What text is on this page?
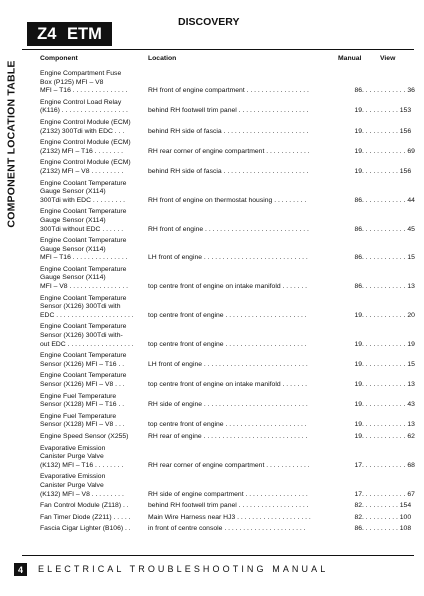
COMPONENT LOCATION TABLE
Z4 ETM
DISCOVERY
Component	Location	Manual	View
Engine Compartment Fuse
Box (P125) MFI – V8
MFI – T16 . . . . . . . . . . . . . . .	RH front of engine compartment . . . . . . . . . . . . . . . . .	86 . . . . . . . . . . . . 36
Engine Control Load Relay
(K116) . . . . . . . . . . . . . . . . . .	behind RH footwell trim panel . . . . . . . . . . . . . . . . . . .	19 . . . . . . . . . . 153
Engine Control Module (ECM)
(Z132) 300Tdi with EDC . . .	behind RH side of fascia . . . . . . . . . . . . . . . . . . . . . . .	19 . . . . . . . . . . 156
Engine Control Module (ECM)
(Z132) MFI – T16 . . . . . . . .	RH rear corner of engine compartment . . . . . . . . . . . .	19 . . . . . . . . . . . . 69
Engine Control Module (ECM)
(Z132) MFI – V8 . . . . . . . . .	behind RH side of fascia . . . . . . . . . . . . . . . . . . . . . . .	19 . . . . . . . . . . 156
Engine Coolant Temperature
Gauge Sensor (X114)
300Tdi with EDC . . . . . . . . .	RH front of engine on thermostat housing . . . . . . . . .	86 . . . . . . . . . . . . 44
Engine Coolant Temperature
Gauge Sensor (X114)
300Tdi without EDC . . . . . .	RH front of engine . . . . . . . . . . . . . . . . . . . . . . . . . . . .	86 . . . . . . . . . . . . 45
Engine Coolant Temperature
Gauge Sensor (X114)
MFI – T16 . . . . . . . . . . . . . . .	LH front of engine . . . . . . . . . . . . . . . . . . . . . . . . . . . .	86 . . . . . . . . . . . . 15
Engine Coolant Temperature
Gauge Sensor (X114)
MFI – V8 . . . . . . . . . . . . . . . .	top centre front of engine on intake manifold . . . . . . .	86 . . . . . . . . . . . . 13
Engine Coolant Temperature
Sensor (X126) 300Tdi with
EDC . . . . . . . . . . . . . . . . . . . . .	top centre front of engine . . . . . . . . . . . . . . . . . . . . . .	19 . . . . . . . . . . . . 20
Engine Coolant Temperature
Sensor (X126) 300Tdi with-
out EDC . . . . . . . . . . . . . . . . . .	top centre front of engine . . . . . . . . . . . . . . . . . . . . . .	19 . . . . . . . . . . . . 19
Engine Coolant Temperature
Sensor (X126) MFI – T16 . .	LH front of engine . . . . . . . . . . . . . . . . . . . . . . . . . . . .	19 . . . . . . . . . . . . 15
Engine Coolant Temperature
Sensor (X126) MFI – V8 . . .	top centre front of engine on intake manifold . . . . . . .	19 . . . . . . . . . . . . 13
Engine Fuel Temperature
Sensor (X128) MFI – T16 . .	RH side of engine . . . . . . . . . . . . . . . . . . . . . . . . . . . .	19 . . . . . . . . . . . . 43
Engine Fuel Temperature
Sensor (X128) MFI – V8 . . .	top centre front of engine . . . . . . . . . . . . . . . . . . . . . .	19 . . . . . . . . . . . . 13
Engine Speed Sensor (X255)	RH rear of engine . . . . . . . . . . . . . . . . . . . . . . . . . . . .	19 . . . . . . . . . . . . 62
Evaporative Emission
Canister Purge Valve
(K132) MFI – T16 . . . . . . . .	RH rear corner of engine compartment . . . . . . . . . . . .	17 . . . . . . . . . . . . 68
Evaporative Emission
Canister Purge Valve
(K132) MFI – V8 . . . . . . . . .	RH side of engine compartment . . . . . . . . . . . . . . . . .	17 . . . . . . . . . . . . 67
Fan Control Module (Z118) . .	behind RH footwell trim panel . . . . . . . . . . . . . . . . . . .	82 . . . . . . . . . . 154
Fan Timer Diode (Z211) . . . . .	Main Wire Harness near HJ3 . . . . . . . . . . . . . . . . . . . .	82 . . . . . . . . . . 100
Fascia Cigar Lighter (B106) . .	in front of centre console . . . . . . . . . . . . . . . . . . . . . .	86 . . . . . . . . . . 108
4	ELECTRICAL TROUBLESHOOTING MANUAL
